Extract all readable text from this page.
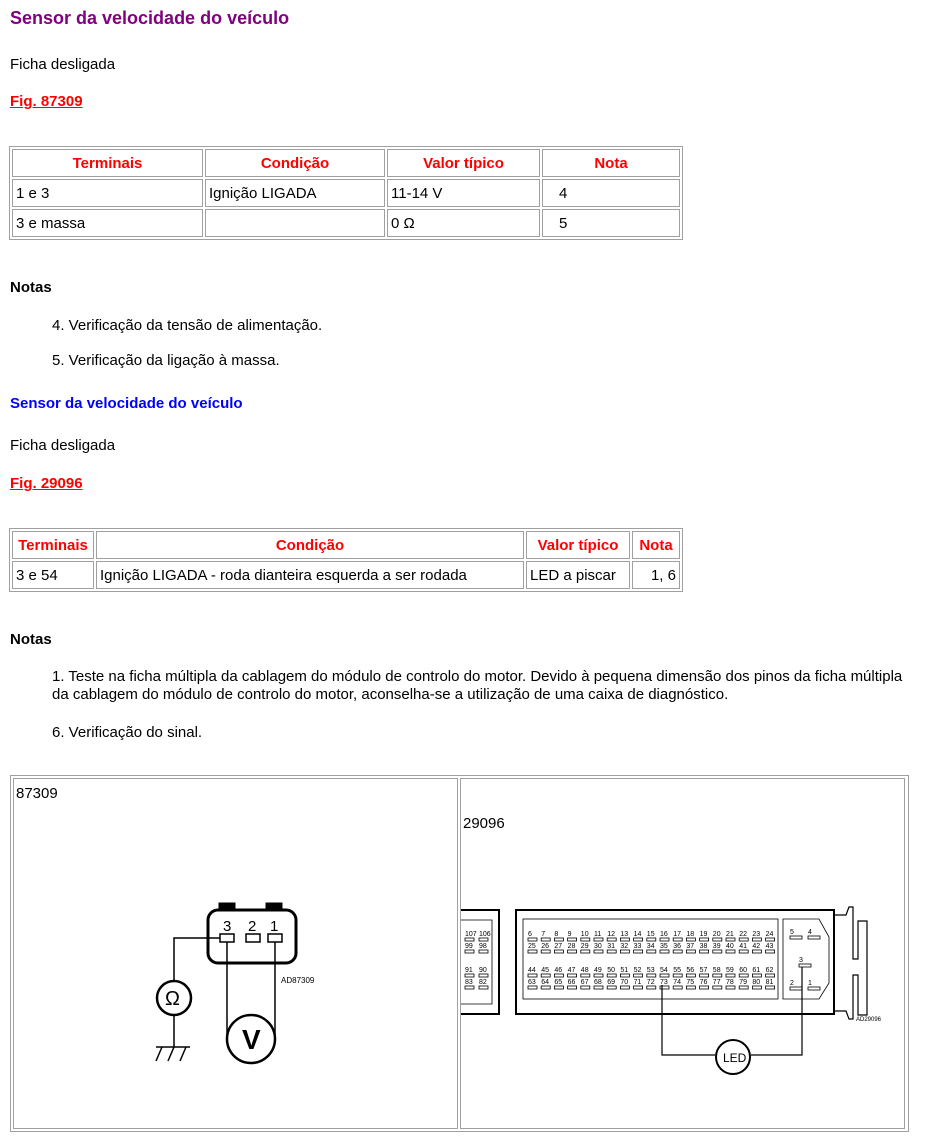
Sensor da velocidade do veículo
Ficha desligada
Fig. 87309
Terminais	Condição	Valor típico	Nota
1 e 3	Ignição LIGADA	11-14 V	4
3 e massa		0 Ω	5
Notas
4. Verificação da tensão de alimentação.
5. Verificação da ligação à massa.
Sensor da velocidade do veículo
Ficha desligada
Fig. 29096
Terminais	Condição	Valor típico	Nota
3 e 54	Ignição LIGADA - roda dianteira esquerda a ser rodada	LED a piscar	1, 6
Notas
1. Teste na ficha múltipla da cablagem do módulo de controlo do motor. Devido à pequena dimensão dos pinos da ficha múltipla da cablagem do módulo de controlo do motor, aconselha-se a utilização de uma caixa de diagnóstico.
6. Verificação do sinal.
87309
3 2 1
Ω
V
AD87309
29096
6 7 8 9 10 11 12 13 14 15 16 17 18 19 20 21 22 23 24
25 26 27 28 29 30 31 32 33 34 35 36 37 38 39 40 41 42 43
44 45 46 47 48 49 50 51 52 53 54 55 56 57 58 59 60 61 62
63 64 65 66 67 68 69 70 71 72 73 74 75 76 77 78 79 80 81
107 106
99 98
91 90
83 82
5 4
3
2 1
LED
AD29096
